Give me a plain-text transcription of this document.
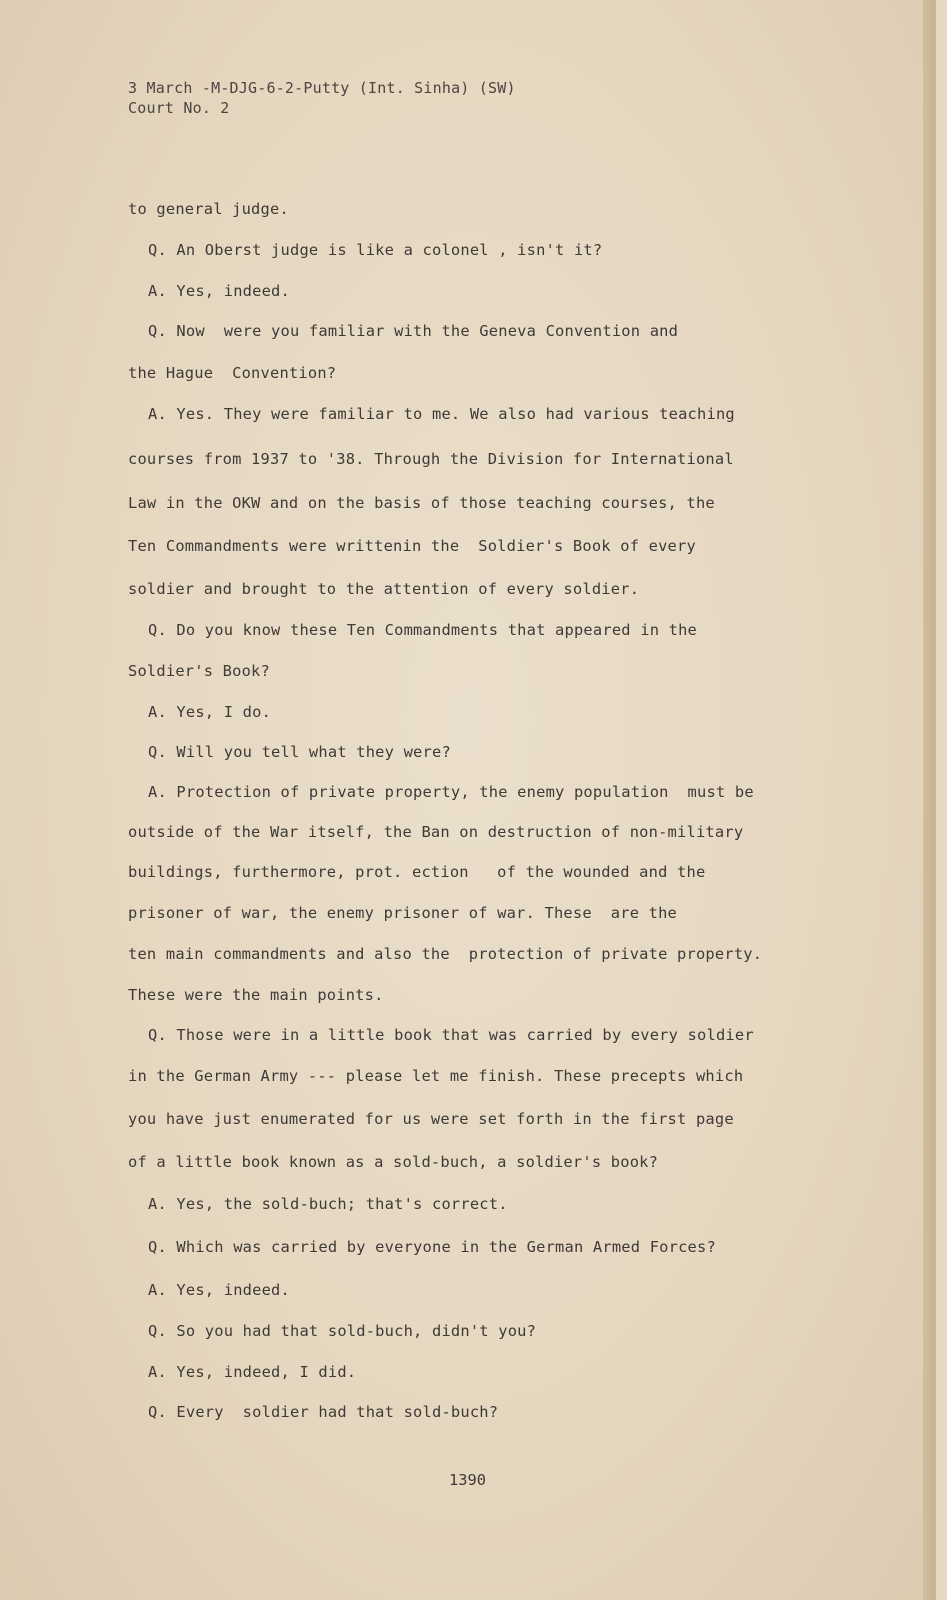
3 March -M-DJG-6-2-Putty (Int. Sinha) (SW)
Court No. 2
to general judge.
Q. An Oberst judge is like a colonel , isn't it?
A. Yes, indeed.
Q. Now  were you familiar with the Geneva Convention and
the Hague  Convention?
A. Yes. They were familiar to me. We also had various teaching
courses from 1937 to '38. Through the Division for International
Law in the OKW and on the basis of those teaching courses, the
Ten Commandments were writtenin the  Soldier's Book of every
soldier and brought to the attention of every soldier.
Q. Do you know these Ten Commandments that appeared in the
Soldier's Book?
A. Yes, I do.
Q. Will you tell what they were?
A. Protection of private property, the enemy population  must be
outside of the War itself, the Ban on destruction of non-military
buildings, furthermore, prot. ection   of the wounded and the
prisoner of war, the enemy prisoner of war. These  are the
ten main commandments and also the  protection of private property.
These were the main points.
Q. Those were in a little book that was carried by every soldier
in the German Army --- please let me finish. These precepts which
you have just enumerated for us were set forth in the first page
of a little book known as a sold-buch, a soldier's book?
A. Yes, the sold-buch; that's correct.
Q. Which was carried by everyone in the German Armed Forces?
A. Yes, indeed.
Q. So you had that sold-buch, didn't you?
A. Yes, indeed, I did.
Q. Every  soldier had that sold-buch?
1390
